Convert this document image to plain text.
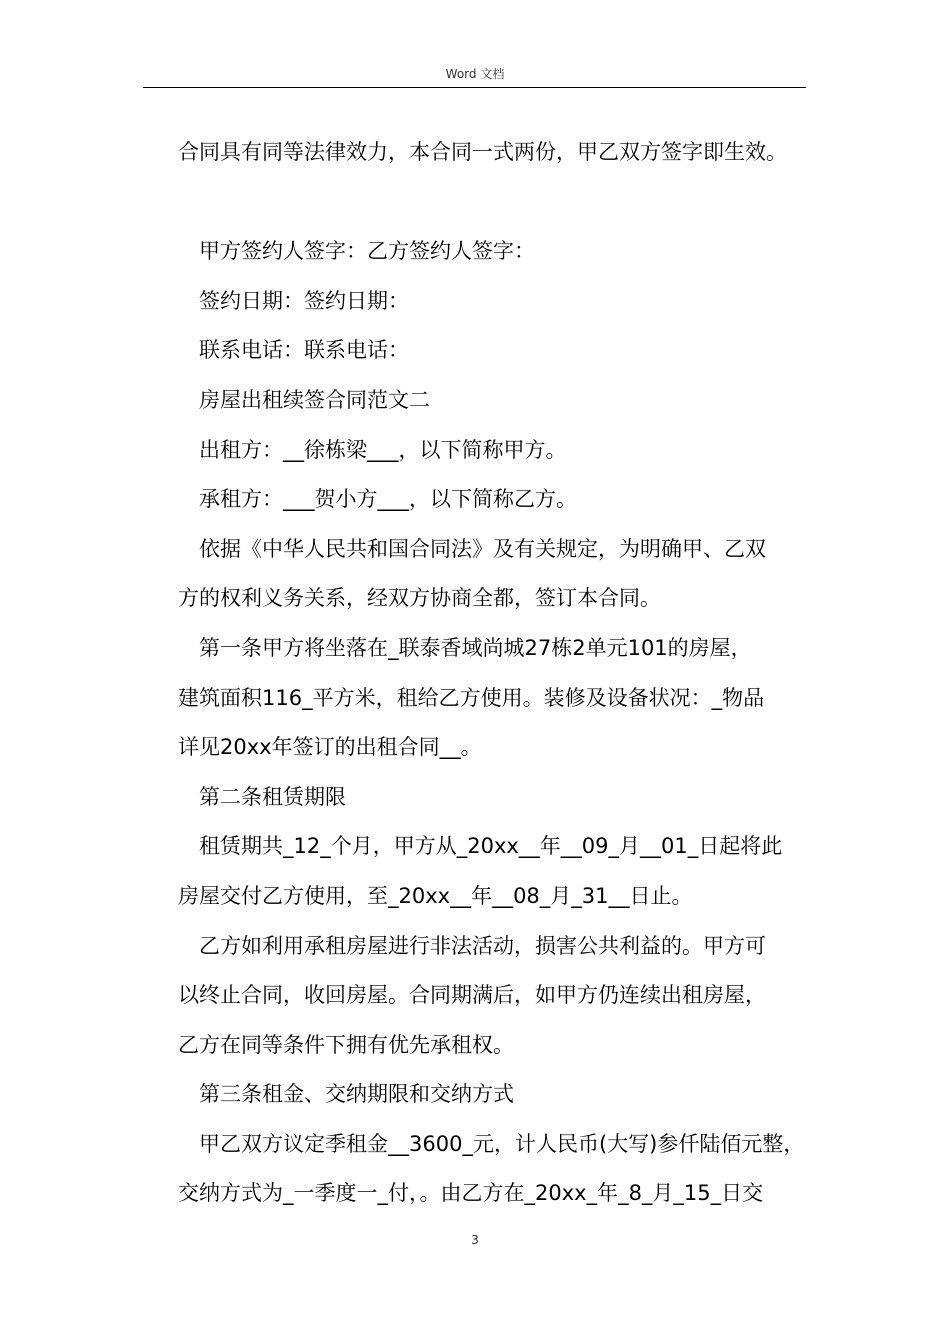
Word 文档
合同具有同等法律效力，本合同一式两份，甲乙双方签字即生效。
甲方签约人签字：乙方签约人签字：
签约日期：签约日期：
联系电话：联系电话：
房屋出租续签合同范文二
出租方：__徐栋梁___，以下简称甲方。
承租方：___贺小方___，以下简称乙方。
依据《中华人民共和国合同法》及有关规定，为明确甲、乙双
方的权利义务关系，经双方协商全都，签订本合同。
第一条甲方将坐落在_联泰香域尚城27栋2单元101的房屋，
建筑面积116_平方米，租给乙方使用。装修及设备状况：_物品
详见20xx年签订的出租合同__。
第二条租赁期限
租赁期共_12_个月，甲方从_20xx__年__09_月__01_日起将此
房屋交付乙方使用，至_20xx__年__08_月_31__日止。
乙方如利用承租房屋进行非法活动，损害公共利益的。甲方可
以终止合同，收回房屋。合同期满后，如甲方仍连续出租房屋，
乙方在同等条件下拥有优先承租权。
第三条租金、交纳期限和交纳方式
甲乙双方议定季租金__3600_元，计人民币(大写)参仟陆佰元整，
交纳方式为_一季度一_付，。由乙方在_20xx_年_8_月_15_日交
3
